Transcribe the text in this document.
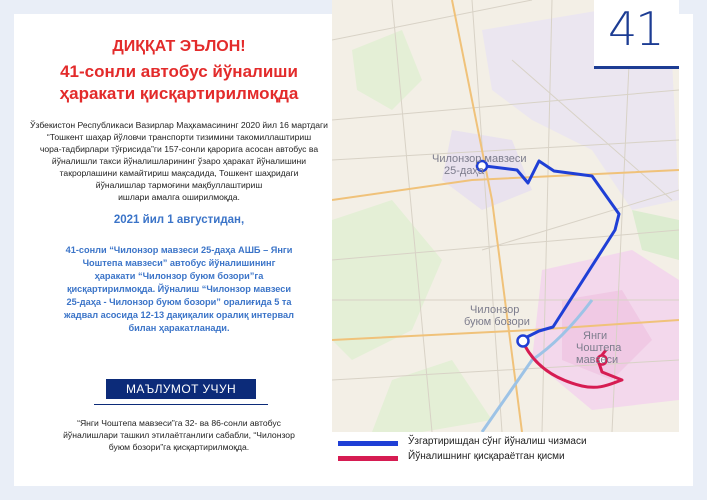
ДИҚҚАТ ЭЪЛОН!
41-сонли автобус йўналиши
ҳаракати қисқартирилмоқда
Ўзбекистон Республикаси Вазирлар Маҳкамасининг 2020 йил 16 мартдаги
“Тошкент шаҳар йўловчи транспорти тизимини такомиллаштириш
чора-тадбирлари тўғрисида”ги 157-сонли қарорига асосан автобус ва
йўналишли такси йўналишларининг ўзаро ҳаракат йўналишини
такрорлашини камайтириш мақсадида, Тошкент шаҳридаги
йўналишлар тармоғини мақбуллаштириш
ишлари амалга оширилмоқда.
2021 йил 1 августидан,
41-сонли “Чилонзор мавзеси 25-даҳа АШБ – Янги
Чоштепа мавзеси” автобус йўналишининг
ҳаракати “Чилонзор буюм бозори”га
қисқартирилмоқда. Йўналиш “Чилонзор мавзеси
25-даҳа - Чилонзор буюм бозори” оралиғида 5 та
жадвал асосида 12-13 дақиқалик оралиқ интервал
билан ҳаракатланади.
МАЪЛУМОТ УЧУН
“Янги Чоштепа мавзеси”га 32- ва 86-сонли автобус
йўналишлари ташкил этилаётганлиги сабабли, “Чилонзор
буюм бозори”га қисқартирилмоқда.
Чилонзор мавзеси
25-даҳа
Чилонзор
буюм бозори
Янги
Чоштепа
мавзеси
41
Ўзгартиришдан сўнг йўналиш чизмаси
Йўналишнинг қисқараётган қисми
